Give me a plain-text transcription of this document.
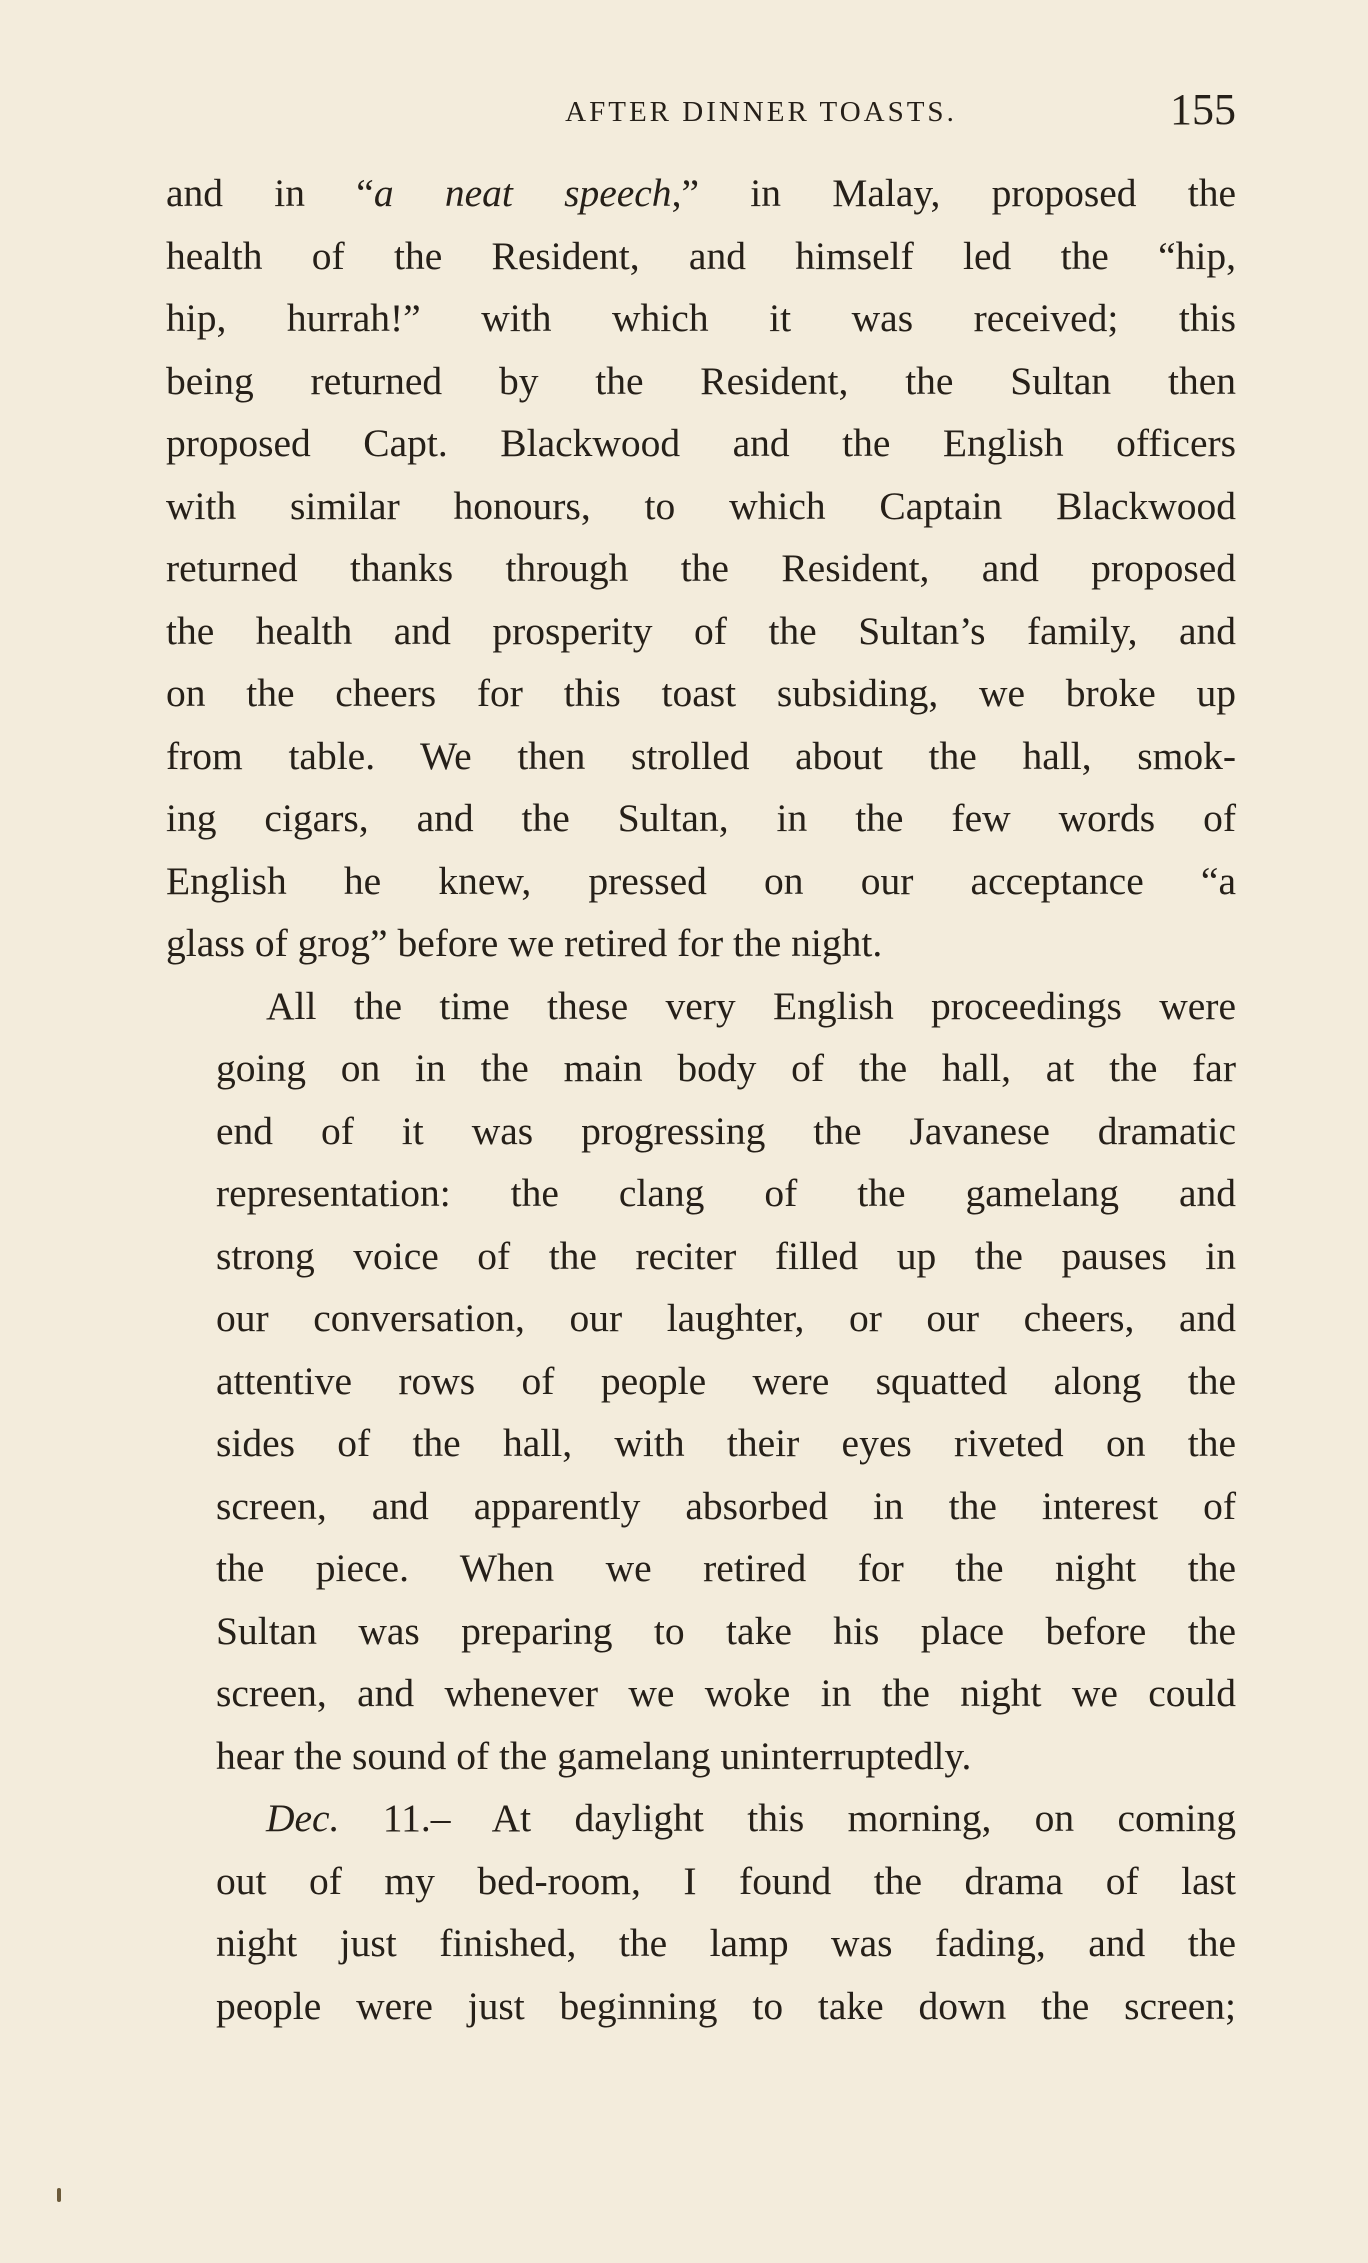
AFTER DINNER TOASTS.	155
and in “a neat speech,” in Malay, proposed the
health of the Resident, and himself led the “hip,
hip, hurrah!” with which it was received; this
being returned by the Resident, the Sultan then
proposed Capt. Blackwood and the English officers
with similar honours, to which Captain Blackwood
returned thanks through the Resident, and proposed
the health and prosperity of the Sultan’s family, and
on the cheers for this toast subsiding, we broke up
from table. We then strolled about the hall, smok-
ing cigars, and the Sultan, in the few words of
English he knew, pressed on our acceptance “a
glass of grog” before we retired for the night.
All the time these very English proceedings were
going on in the main body of the hall, at the far
end of it was progressing the Javanese dramatic
representation: the clang of the gamelang and
strong voice of the reciter filled up the pauses in
our conversation, our laughter, or our cheers, and
attentive rows of people were squatted along the
sides of the hall, with their eyes riveted on the
screen, and apparently absorbed in the interest of
the piece. When we retired for the night the
Sultan was preparing to take his place before the
screen, and whenever we woke in the night we could
hear the sound of the gamelang uninterruptedly.
Dec. 11.– At daylight this morning, on coming
out of my bed-room, I found the drama of last
night just finished, the lamp was fading, and the
people were just beginning to take down the screen;
